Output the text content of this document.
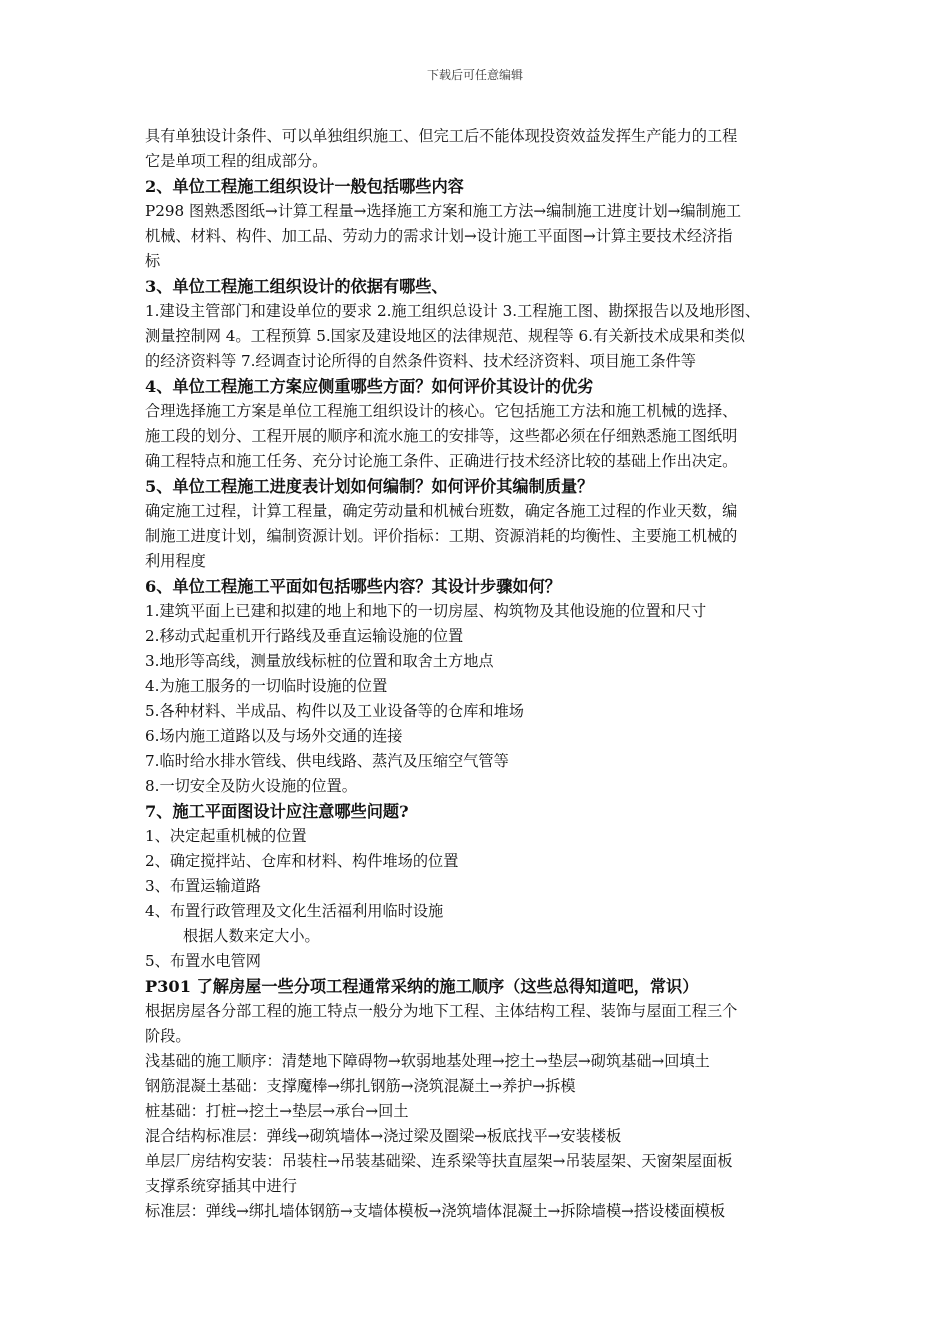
下载后可任意编辑
具有单独设计条件、可以单独组织施工、但完工后不能体现投资效益发挥生产能力的工程
它是单项工程的组成部分。
2、单位工程施工组织设计一般包括哪些内容
P298 图熟悉图纸→计算工程量→选择施工方案和施工方法→编制施工进度计划→编制施工
机械、材料、构件、加工品、劳动力的需求计划→设计施工平面图→计算主要技术经济指
标
3、单位工程施工组织设计的依据有哪些、
1.建设主管部门和建设单位的要求 2.施工组织总设计 3.工程施工图、勘探报告以及地形图、
测量控制网 4。工程预算 5.国家及建设地区的法律规范、规程等 6.有关新技术成果和类似
的经济资料等 7.经调查讨论所得的自然条件资料、技术经济资料、项目施工条件等
4、单位工程施工方案应侧重哪些方面？如何评价其设计的优劣
合理选择施工方案是单位工程施工组织设计的核心。它包括施工方法和施工机械的选择、
施工段的划分、工程开展的顺序和流水施工的安排等，这些都必须在仔细熟悉施工图纸明
确工程特点和施工任务、充分讨论施工条件、正确进行技术经济比较的基础上作出决定。
5、单位工程施工进度表计划如何编制？如何评价其编制质量？
确定施工过程，计算工程量，确定劳动量和机械台班数，确定各施工过程的作业天数，编
制施工进度计划，编制资源计划。评价指标：工期、资源消耗的均衡性、主要施工机械的
利用程度
6、单位工程施工平面如包括哪些内容？其设计步骤如何？
1.建筑平面上已建和拟建的地上和地下的一切房屋、构筑物及其他设施的位置和尺寸
2.移动式起重机开行路线及垂直运输设施的位置
3.地形等高线，测量放线标桩的位置和取舍土方地点
4.为施工服务的一切临时设施的位置
5.各种材料、半成品、构件以及工业设备等的仓库和堆场
6.场内施工道路以及与场外交通的连接
7.临时给水排水管线、供电线路、蒸汽及压缩空气管等
8.一切安全及防火设施的位置。
7、施工平面图设计应注意哪些问题?
1、决定起重机械的位置
2、确定搅拌站、仓库和材料、构件堆场的位置
3、布置运输道路
4、布置行政管理及文化生活福利用临时设施
根据人数来定大小。
5、布置水电管网
P301 了解房屋一些分项工程通常采纳的施工顺序（这些总得知道吧，常识）
根据房屋各分部工程的施工特点一般分为地下工程、主体结构工程、装饰与屋面工程三个
阶段。
浅基础的施工顺序：清楚地下障碍物→软弱地基处理→挖土→垫层→砌筑基础→回填土
钢筋混凝土基础：支撑魔棒→绑扎钢筋→浇筑混凝土→养护→拆模
桩基础：打桩→挖土→垫层→承台→回土
混合结构标准层：弹线→砌筑墙体→浇过梁及圈梁→板底找平→安装楼板
单层厂房结构安装：吊装柱→吊装基础梁、连系梁等扶直屋架→吊装屋架、天窗架屋面板
支撑系统穿插其中进行
标准层：弹线→绑扎墙体钢筋→支墙体模板→浇筑墙体混凝土→拆除墙模→搭设楼面模板
